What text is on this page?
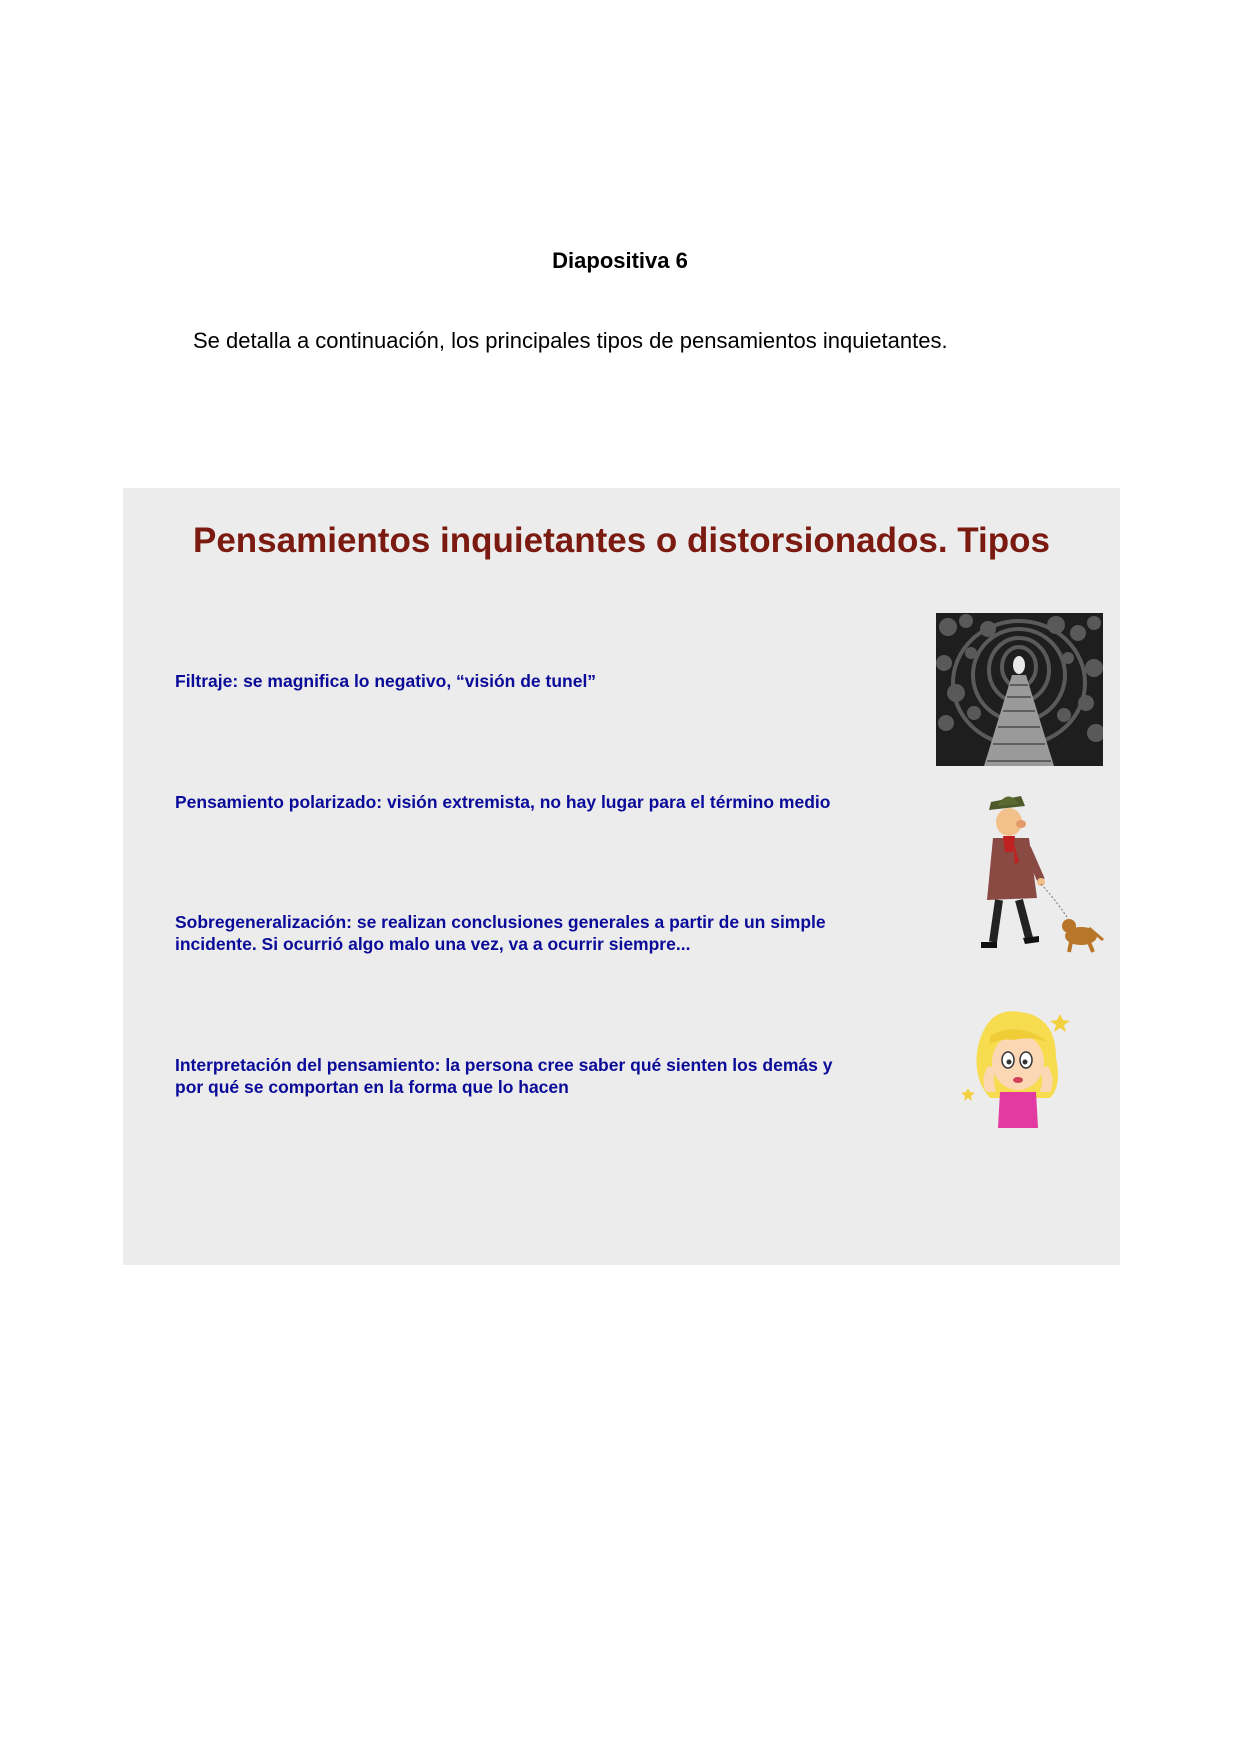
Diapositiva 6
Se detalla a continuación, los principales tipos de pensamientos inquietantes.
Pensamientos inquietantes o distorsionados. Tipos
Filtraje: se magnifica lo negativo, “visión de tunel”
Pensamiento polarizado: visión extremista, no hay lugar para el término medio
Sobregeneralización: se realizan conclusiones generales a partir de un simple incidente. Si ocurrió algo malo una vez, va a ocurrir siempre...
Interpretación del pensamiento: la persona cree saber qué sienten los demás y por qué se comportan en la forma que lo hacen
